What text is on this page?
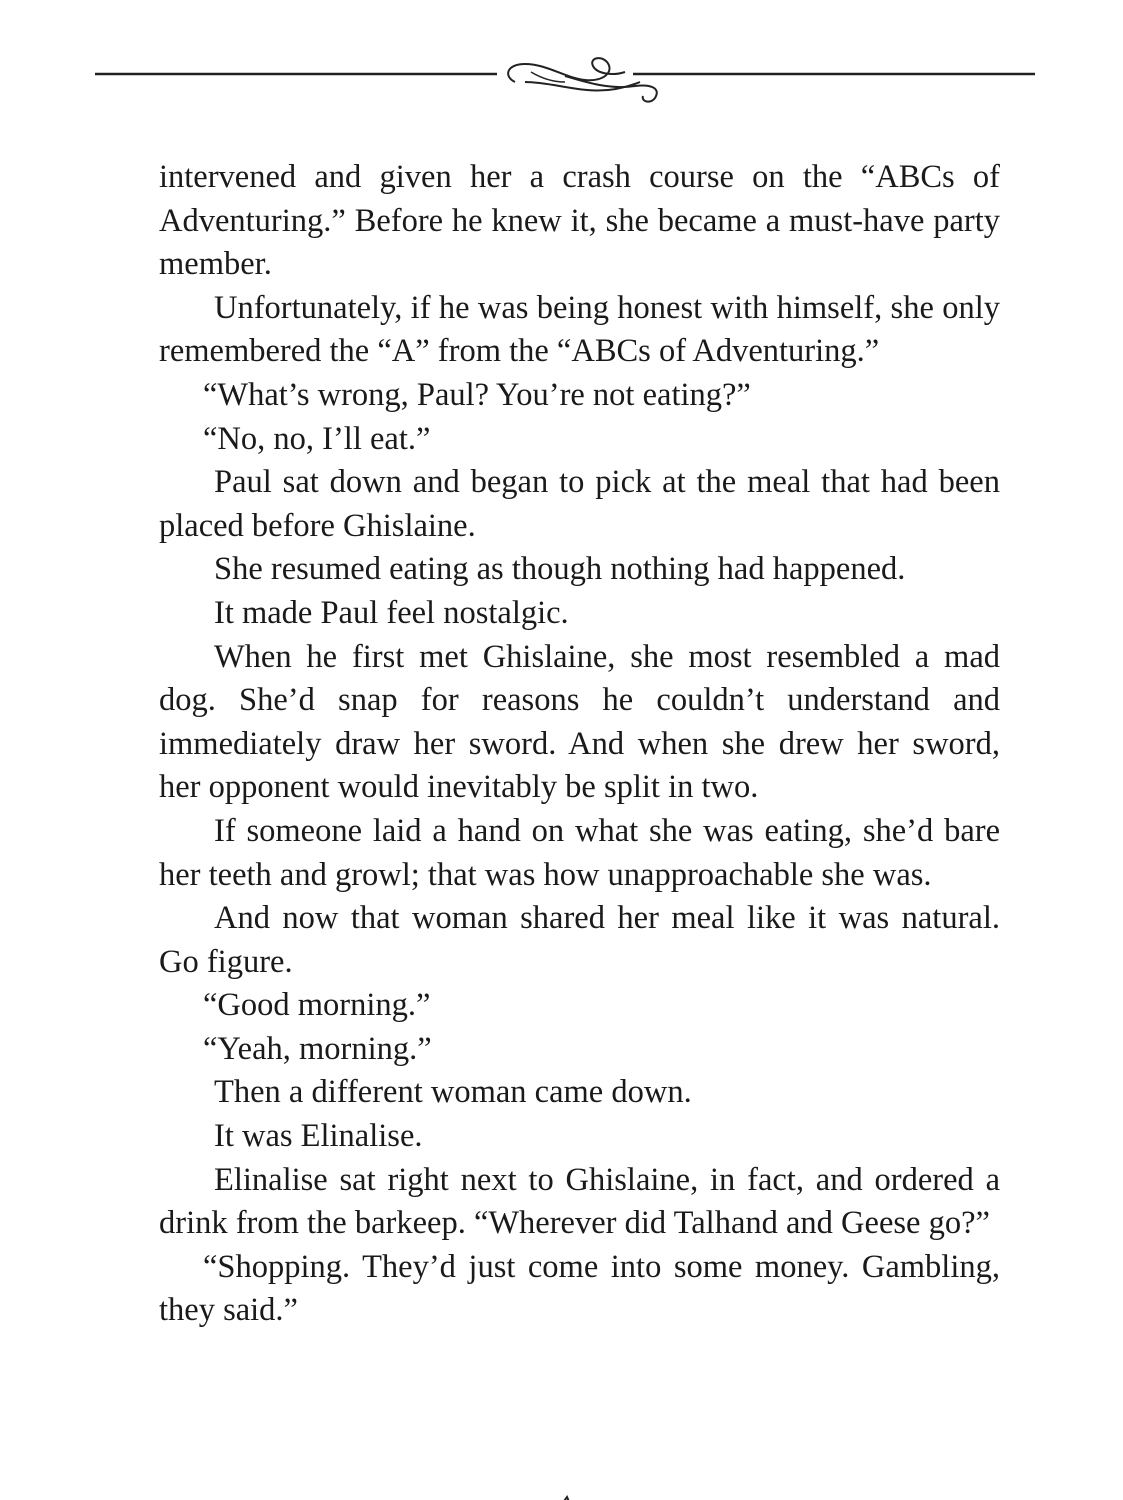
intervened and given her a crash course on the “ABCs of Adventuring.” Before he knew it, she became a must-have party member.

Unfortunately, if he was being honest with himself, she only remembered the “A” from the “ABCs of Adventuring.”

“What’s wrong, Paul? You’re not eating?”

“No, no, I’ll eat.”

Paul sat down and began to pick at the meal that had been placed before Ghislaine.

She resumed eating as though nothing had happened.

It made Paul feel nostalgic.

When he first met Ghislaine, she most resembled a mad dog. She’d snap for reasons he couldn’t understand and immediately draw her sword. And when she drew her sword, her opponent would inevitably be split in two.

If someone laid a hand on what she was eating, she’d bare her teeth and growl; that was how unapproachable she was.

And now that woman shared her meal like it was natural. Go figure.

“Good morning.”

“Yeah, morning.”

Then a different woman came down.

It was Elinalise.

Elinalise sat right next to Ghislaine, in fact, and ordered a drink from the barkeep. “Wherever did Talhand and Geese go?”

“Shopping. They’d just come into some money. Gambling, they said.”
